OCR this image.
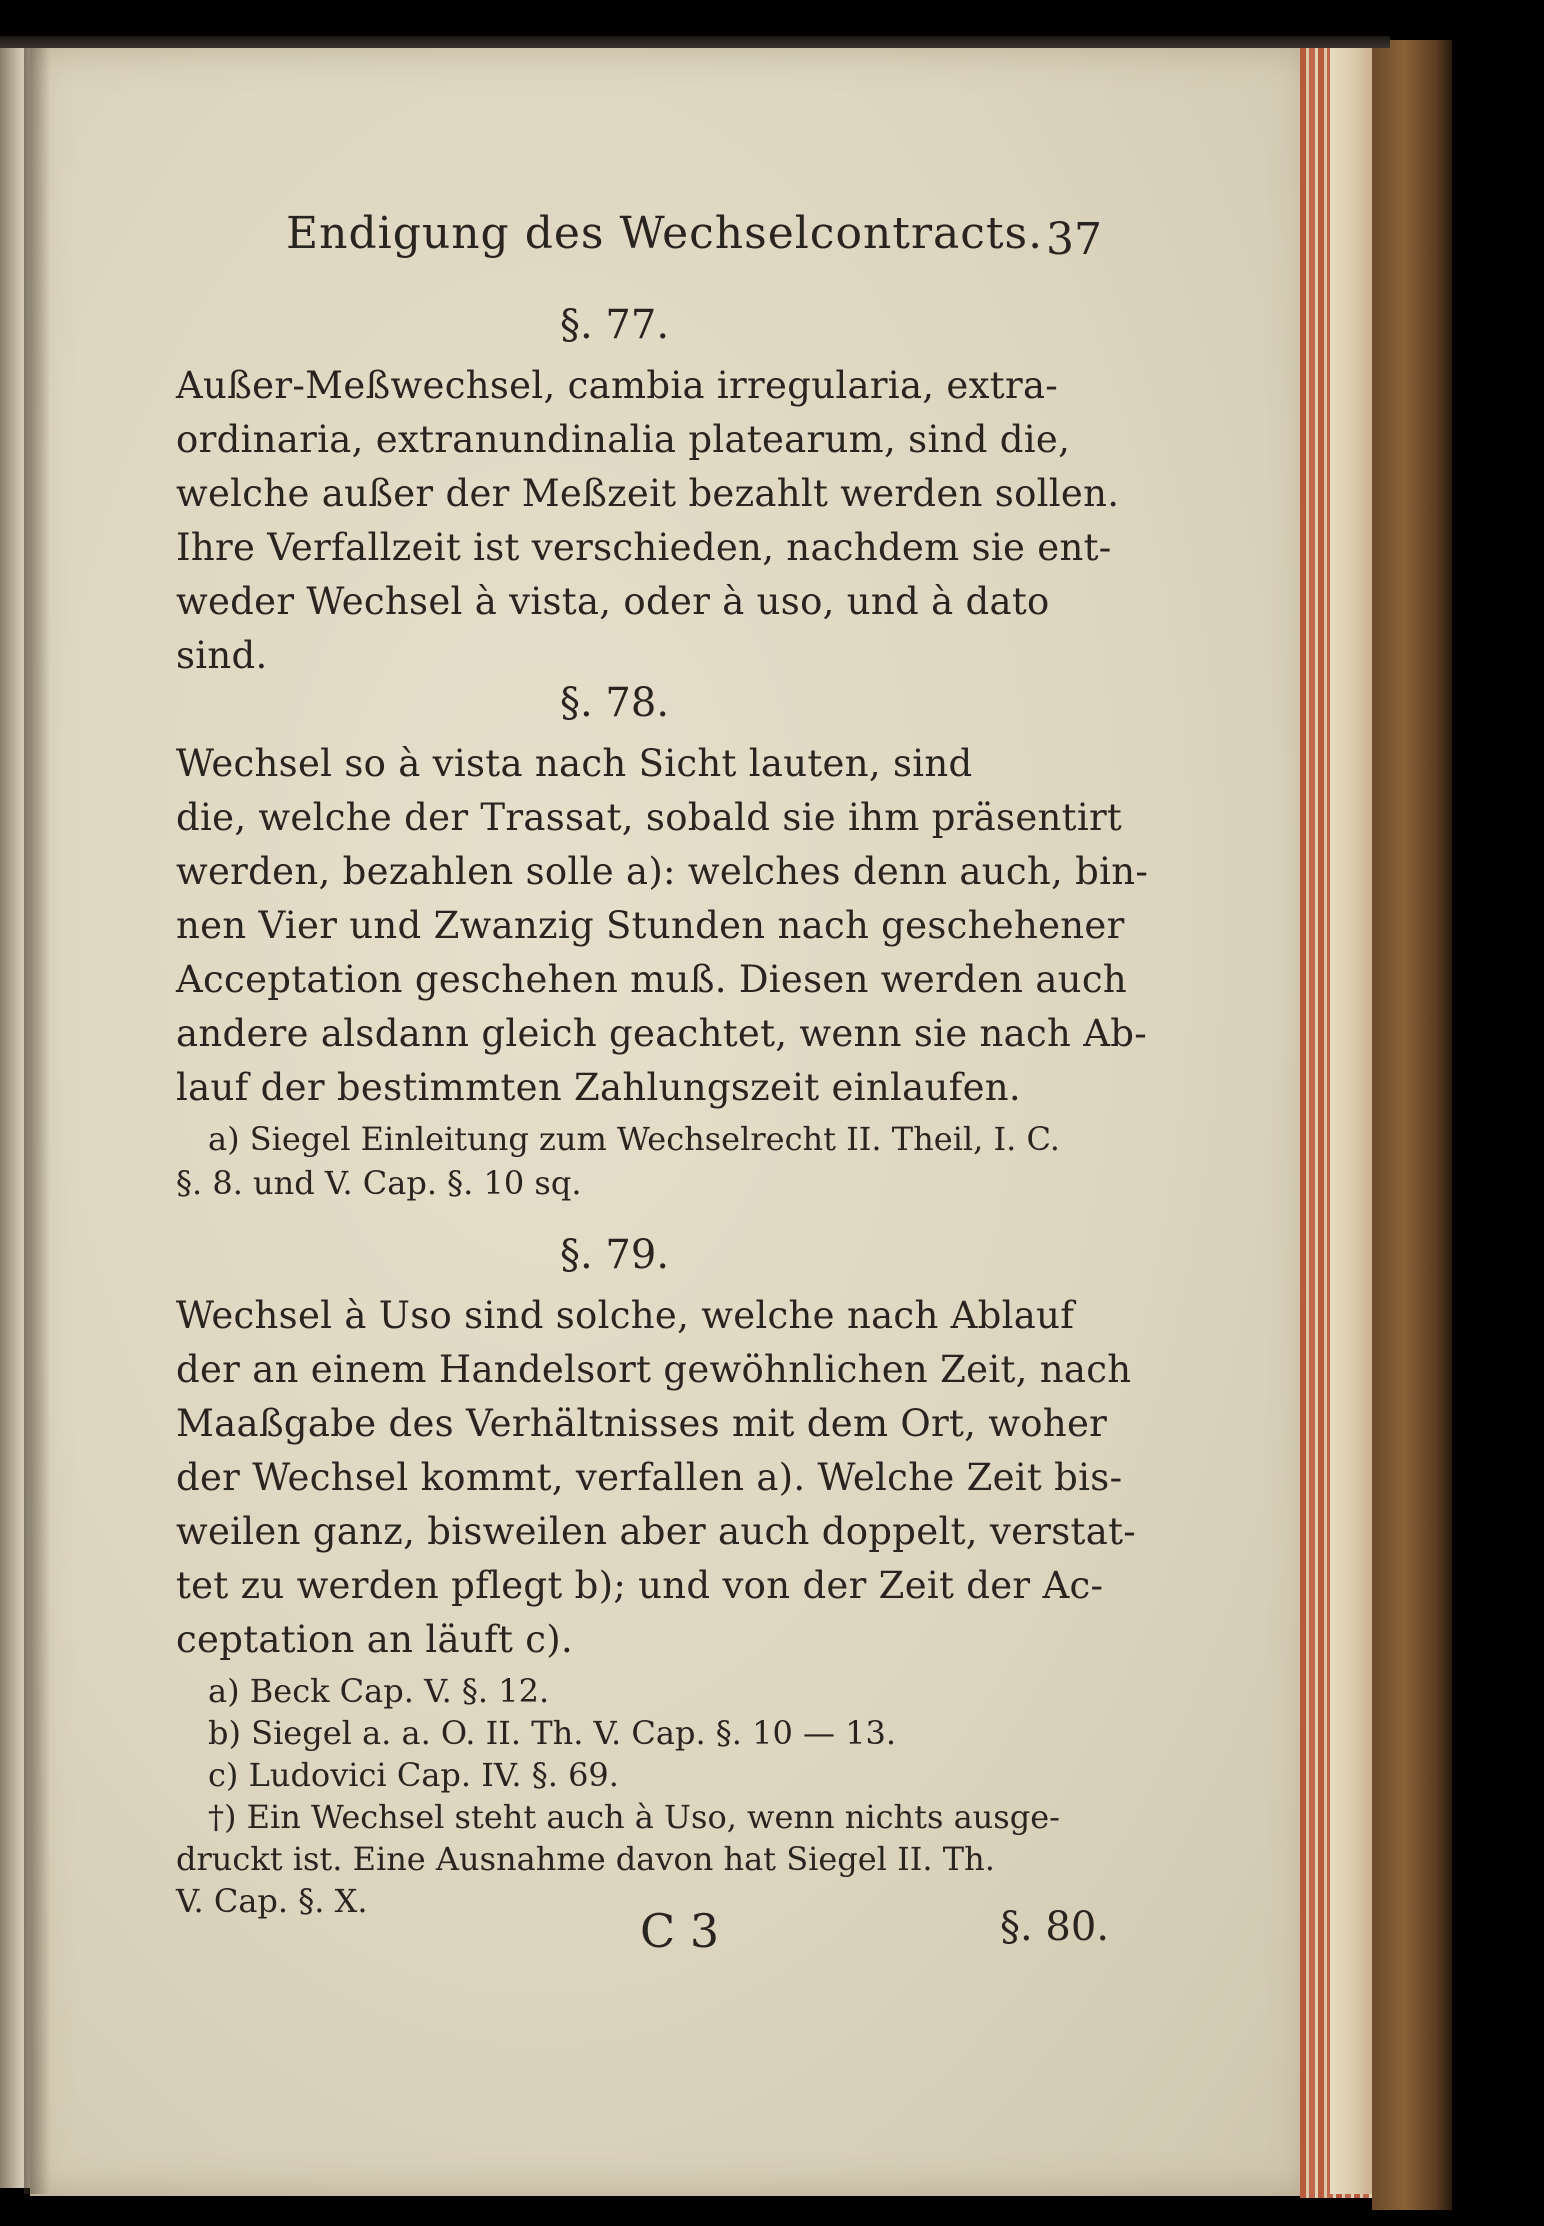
Endigung des Wechselcontracts. 37
§. 77.
Außer-Meßwechsel, cambia irregularia, extra-
ordinaria, extranundinalia platearum, sind die,
welche außer der Meßzeit bezahlt werden sollen.
Ihre Verfallzeit ist verschieden, nachdem sie ent-
weder Wechsel à vista, oder à uso, und à dato
sind.
§. 78.
Wechsel so à vista nach Sicht lauten, sind
die, welche der Trassat, sobald sie ihm präsentirt
werden, bezahlen solle a): welches denn auch, bin-
nen Vier und Zwanzig Stunden nach geschehener
Acceptation geschehen muß. Diesen werden auch
andere alsdann gleich geachtet, wenn sie nach Ab-
lauf der bestimmten Zahlungszeit einlaufen.
a) Siegel Einleitung zum Wechselrecht II. Theil, I. C.
§. 8. und V. Cap. §. 10 sq.
§. 79.
Wechsel à Uso sind solche, welche nach Ablauf
der an einem Handelsort gewöhnlichen Zeit, nach
Maaßgabe des Verhältnisses mit dem Ort, woher
der Wechsel kommt, verfallen a). Welche Zeit bis-
weilen ganz, bisweilen aber auch doppelt, verstat-
tet zu werden pflegt b); und von der Zeit der Ac-
ceptation an läuft c).
a) Beck Cap. V. §. 12.
b) Siegel a. a. O. II. Th. V. Cap. §. 10 — 13.
c) Ludovici Cap. IV. §. 69.
†) Ein Wechsel steht auch à Uso, wenn nichts ausge-
druckt ist. Eine Ausnahme davon hat Siegel II. Th.
V. Cap. §. X.
C 3	§. 80.
